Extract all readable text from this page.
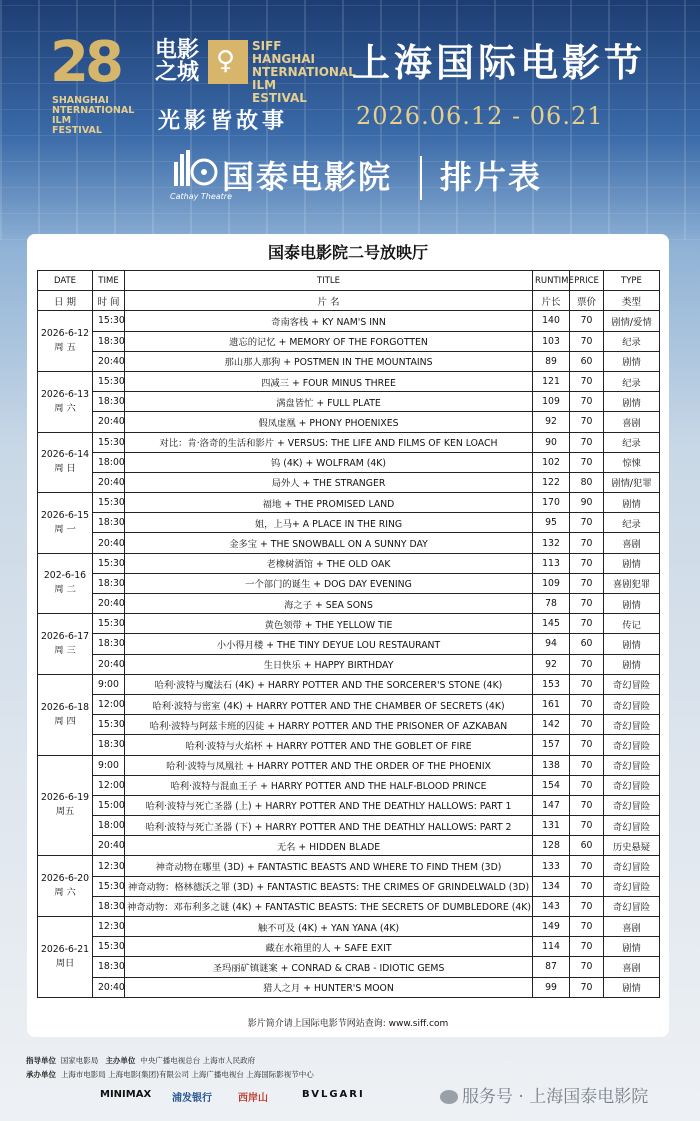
28
SHANGHAI
NTERNATIONAL
ILM
FESTIVAL
电影之城 ♀ SIFF
HANGHAI
NTERNATIONAL
ILM
ESTIVAL
上海国际电影节
光影皆故事	2026.06.12 - 06.21
Cathay Theatre
国泰电影院 排片表
国泰电影院二号放映厅
DATE	TIME	TITLE	RUNTIME	PRICE	TYPE
日 期	时 间	片 名	片长	票价	类型

2026-6-12
周 五	15:30	奇南客栈 + KY NAM'S INN	140	70	剧情/爱情
	18:30	遗忘的记忆 + MEMORY OF THE FORGOTTEN	103	70	纪录
	20:40	那山那人那狗 + POSTMEN IN THE MOUNTAINS	89	60	剧情

2026-6-13
周 六	15:30	四减三 + FOUR MINUS THREE	121	70	纪录
	18:30	满盘皆忙 + FULL PLATE	109	70	剧情
	20:40	假凤虚凰 + PHONY PHOENIXES	92	70	喜剧

2026-6-14
周 日	15:30	对比：肯·洛奇的生活和影片 + VERSUS: THE LIFE AND FILMS OF KEN LOACH	90	70	纪录
	18:00	钨 (4K) + WOLFRAM (4K)	102	70	惊悚
	20:40	局外人 + THE STRANGER	122	80	剧情/犯罪

2026-6-15
周 一	15:30	福地 + THE PROMISED LAND	170	90	剧情
	18:30	姐，上马+ A PLACE IN THE RING	95	70	纪录
	20:40	金多宝 + THE SNOWBALL ON A SUNNY DAY	132	70	喜剧

202-6-16
周 二	15:30	老橡树酒馆 + THE OLD OAK	113	70	剧情
	18:30	一个部门的诞生 + DOG DAY EVENING	109	70	喜剧犯罪
	20:40	海之子 + SEA SONS	78	70	剧情

2026-6-17
周 三	15:30	黄色领带 + THE YELLOW TIE	145	70	传记
	18:30	小小得月楼 + THE TINY DEYUE LOU RESTAURANT	94	60	剧情
	20:40	生日快乐 + HAPPY BIRTHDAY	92	70	剧情

2026-6-18
周 四	9:00	哈利·波特与魔法石 (4K) + HARRY POTTER AND THE SORCERER'S STONE (4K)	153	70	奇幻冒险
	12:00	哈利·波特与密室 (4K) + HARRY POTTER AND THE CHAMBER OF SECRETS (4K)	161	70	奇幻冒险
	15:30	哈利·波特与阿兹卡班的囚徒 + HARRY POTTER AND THE PRISONER OF AZKABAN	142	70	奇幻冒险
	18:30	哈利·波特与火焰杯 + HARRY POTTER AND THE GOBLET OF FIRE	157	70	奇幻冒险

2026-6-19
周五	9:00	哈利·波特与凤凰社 + HARRY POTTER AND THE ORDER OF THE PHOENIX	138	70	奇幻冒险
	12:00	哈利·波特与混血王子 + HARRY POTTER AND THE HALF-BLOOD PRINCE	154	70	奇幻冒险
	15:00	哈利·波特与死亡圣器 (上) + HARRY POTTER AND THE DEATHLY HALLOWS: PART 1	147	70	奇幻冒险
	18:00	哈利·波特与死亡圣器 (下) + HARRY POTTER AND THE DEATHLY HALLOWS: PART 2	131	70	奇幻冒险
	20:40	无名 + HIDDEN BLADE	128	60	历史悬疑

2026-6-20
周 六	12:30	神奇动物在哪里 (3D) + FANTASTIC BEASTS AND WHERE TO FIND THEM (3D)	133	70	奇幻冒险
	15:30	神奇动物：格林德沃之罪 (3D) + FANTASTIC BEASTS: THE CRIMES OF GRINDELWALD (3D)	134	70	奇幻冒险
	18:30	神奇动物：邓布利多之谜 (4K) + FANTASTIC BEASTS: THE SECRETS OF DUMBLEDORE (4K)	143	70	奇幻冒险

2026-6-21
周日	12:30	触不可及 (4K) + YAN YANA (4K)	149	70	喜剧
	15:30	藏在水箱里的人 + SAFE EXIT	114	70	剧情
	18:30	圣玛丽矿镇谜案 + CONRAD & CRAB - IDIOTIC GEMS	87	70	喜剧
	20:40	猎人之月 + HUNTER'S MOON	99	70	剧情
影片简介请上国际电影节网站查询: www.siff.com
指导单位 国家电影局 主办单位 中央广播电视总台 上海市人民政府
承办单位 上海市电影局 上海电影(集团)有限公司 上海广播电视台 上海国际影视节中心
MINIMAX 浦发银行	西岸山	BVLGARI	服务号 · 上海国泰电影院
